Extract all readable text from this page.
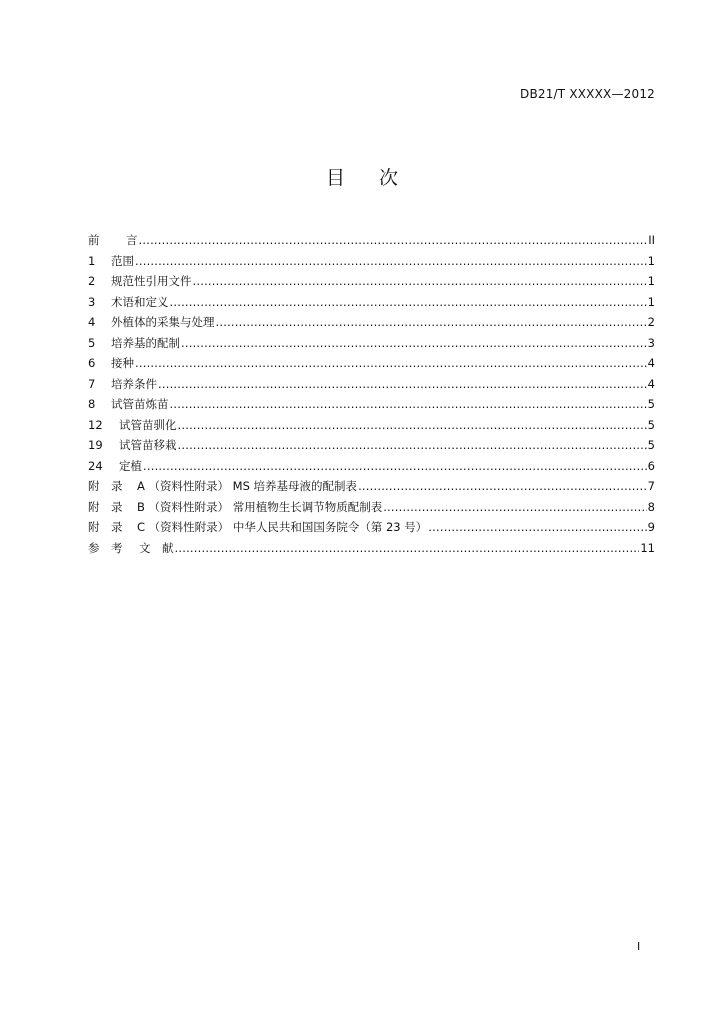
DB21/T XXXXX—2012
目 次
前	言 .....	II
1	范围 .....	1
2	规范性引用文件 .....	1
3	术语和定义 .....	1
4	外植体的采集与处理 .....	2
5	培养基的配制 .....	3
6	接种 .....	4
7	培养条件 .....	4
8	试管苗炼苗 .....	5
12	试管苗驯化 .....	5
19	试管苗移栽 .....	5
24	定植 .....	6
附　录	A （资料性附录） MS 培养基母液的配制表 .....	7
附　录	B （资料性附录） 常用植物生长调节物质配制表 .....	8
附　录	C （资料性附录） 中华人民共和国国务院令（第 23 号） .....	9
参　考	文　献 .....	11
I
